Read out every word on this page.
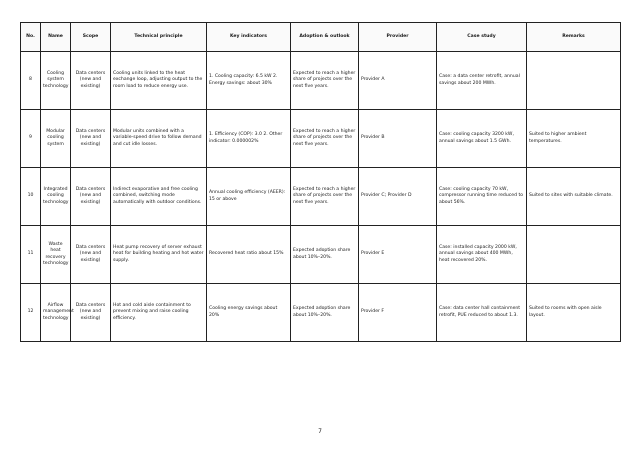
No.	Name	Scope	Technical principle	Key indicators	Adoption & outlook	Provider	Case study	Remarks
8	Cooling system technology	Data centers (new and existing)	Cooling units linked to the heat exchange loop, adjusting output to the room load to reduce energy use.	1. Cooling capacity: 6.5 kW 2. Energy savings: about 30%	Expected to reach a higher share of projects over the next five years.	Provider A	Case: a data center retrofit, annual savings about 200 MWh.	
9	Modular cooling system	Data centers (new and existing)	Modular units combined with a variable-speed drive to follow demand and cut idle losses.	1. Efficiency (COP): 3.0 2. Other indicator: 0.000002%	Expected to reach a higher share of projects over the next five years.	Provider B	Case: cooling capacity 3200 kW, annual savings about 1.5 GWh.	Suited to higher ambient temperatures.
10	Integrated cooling technology	Data centers (new and existing)	Indirect evaporative and free cooling combined, switching mode automatically with outdoor conditions.	Annual cooling efficiency (AEER): 15 or above	Expected to reach a higher share of projects over the next five years.	Provider C; Provider D	Case: cooling capacity 70 kW, compressor running time reduced to about 56%.	Suited to sites with suitable climate.
11	Waste heat recovery technology	Data centers (new and existing)	Heat pump recovery of server exhaust heat for building heating and hot water supply.	Recovered heat ratio about 15%	Expected adoption share about 10%–20%.	Provider E	Case: installed capacity 2000 kW, annual savings about 400 MWh, heat recovered 20%.	
12	Airflow management technology	Data centers (new and existing)	Hot and cold aisle containment to prevent mixing and raise cooling efficiency.	Cooling energy savings about 20%	Expected adoption share about 10%–20%.	Provider F	Case: data center hall containment retrofit, PUE reduced to about 1.3.	Suited to rooms with open aisle layout.
7
